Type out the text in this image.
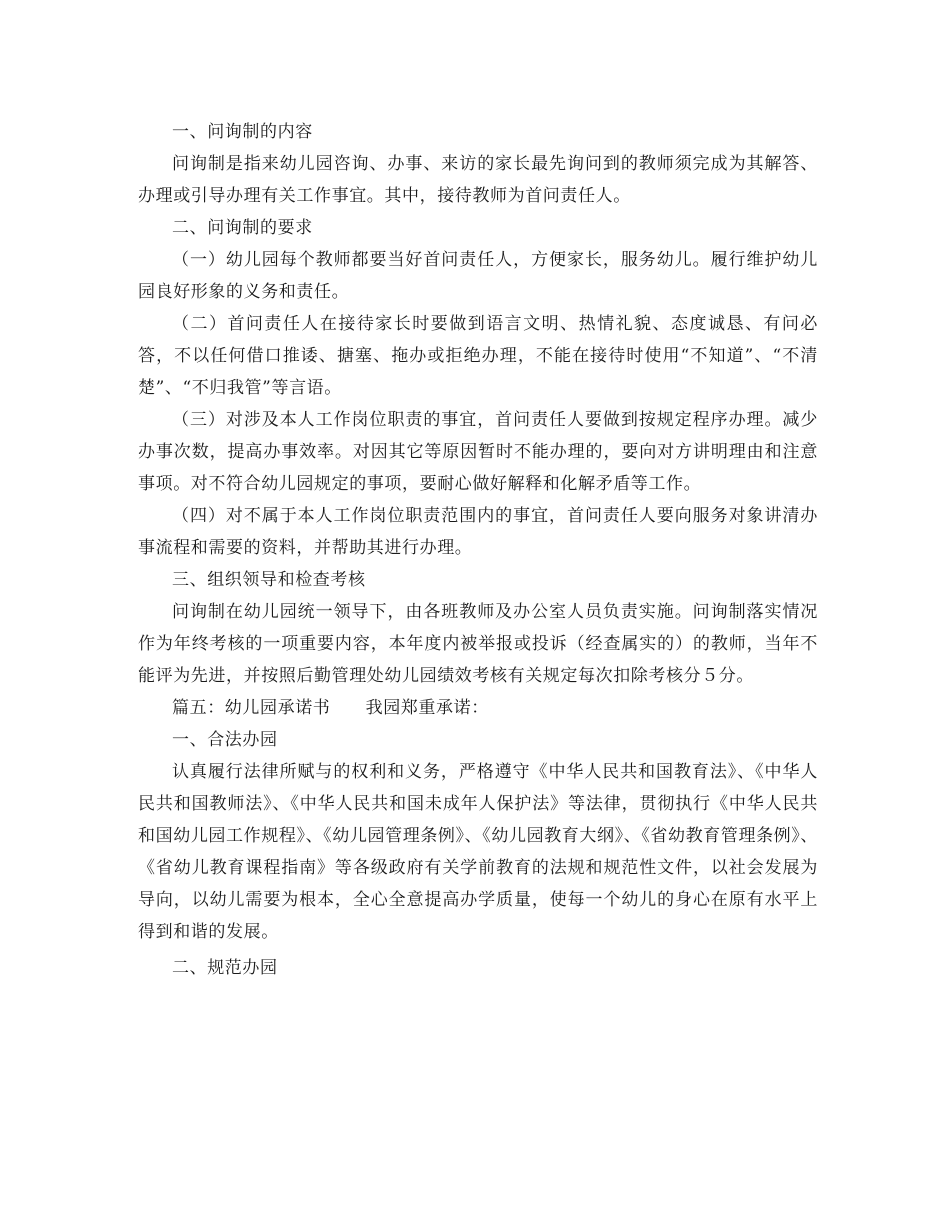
一、问询制的内容

问询制是指来幼儿园咨询、办事、来访的家长最先询问到的教师须完成为其解答、办理或引导办理有关工作事宜。其中，接待教师为首问责任人。

二、问询制的要求

（一）幼儿园每个教师都要当好首问责任人，方便家长，服务幼儿。履行维护幼儿园良好形象的义务和责任。

（二）首问责任人在接待家长时要做到语言文明、热情礼貌、态度诚恳、有问必答，不以任何借口推诿、搪塞、拖办或拒绝办理，不能在接待时使用“不知道”、“不清楚”、“不归我管”等言语。

（三）对涉及本人工作岗位职责的事宜，首问责任人要做到按规定程序办理。减少办事次数，提高办事效率。对因其它等原因暂时不能办理的，要向对方讲明理由和注意事项。对不符合幼儿园规定的事项，要耐心做好解释和化解矛盾等工作。

（四）对不属于本人工作岗位职责范围内的事宜，首问责任人要向服务对象讲清办事流程和需要的资料，并帮助其进行办理。

三、组织领导和检查考核

问询制在幼儿园统一领导下，由各班教师及办公室人员负责实施。问询制落实情况作为年终考核的一项重要内容，本年度内被举报或投诉（经查属实的）的教师，当年不能评为先进，并按照后勤管理处幼儿园绩效考核有关规定每次扣除考核分５分。

篇五：幼儿园承诺书　　我园郑重承诺：

一、合法办园

认真履行法律所赋与的权利和义务，严格遵守《中华人民共和国教育法》、《中华人民共和国教师法》、《中华人民共和国未成年人保护法》等法律，贯彻执行《中华人民共和国幼儿园工作规程》、《幼儿园管理条例》、《幼儿园教育大纲》、《省幼教育管理条例》、《省幼儿教育课程指南》等各级政府有关学前教育的法规和规范性文件，以社会发展为导向，以幼儿需要为根本，全心全意提高办学质量，使每一个幼儿的身心在原有水平上得到和谐的发展。

二、规范办园
